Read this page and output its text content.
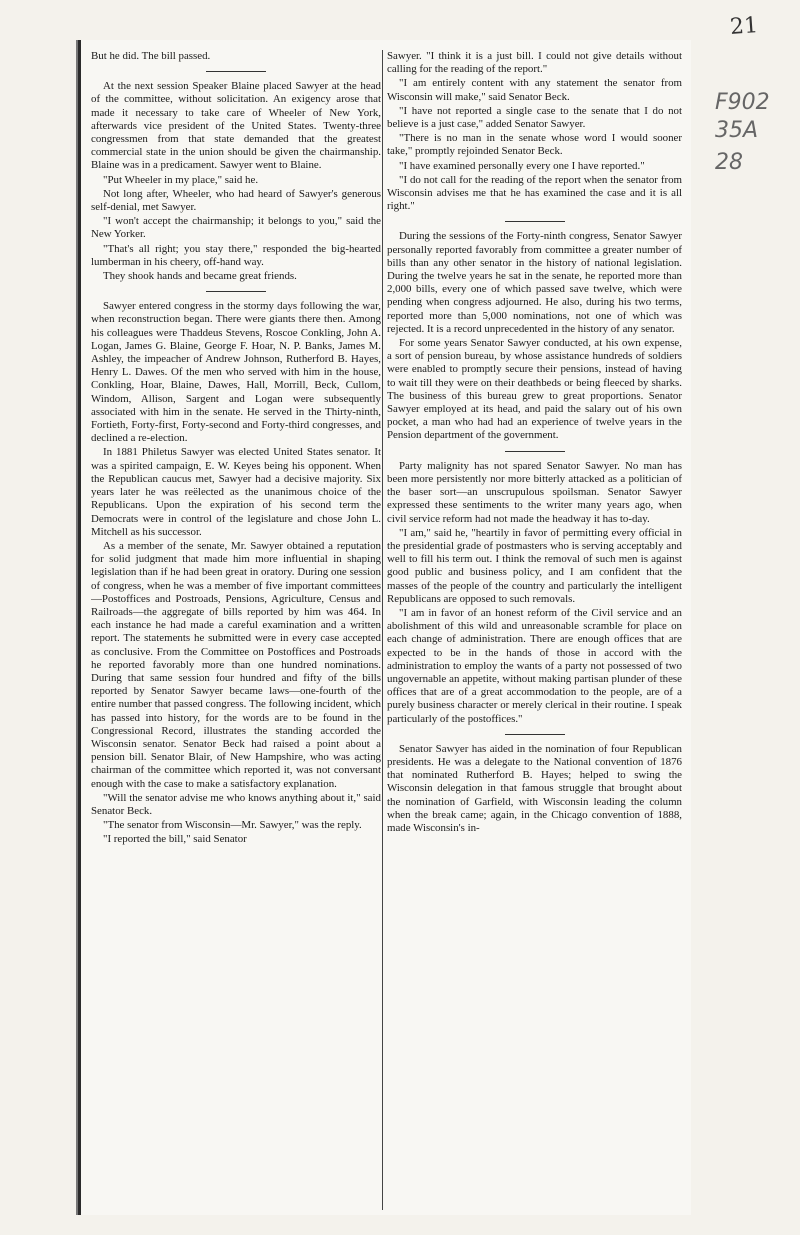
21
F902
35A
28

But he did. The bill passed.

At the next session Speaker Blaine placed Sawyer at the head of the committee, without solicitation. An exigency arose that made it necessary to take care of Wheeler of New York, afterwards vice president of the United States. Twenty-three congressmen from that state demanded that the greatest commercial state in the union should be given the chairmanship. Blaine was in a predicament. Sawyer went to Blaine.

"Put Wheeler in my place," said he.

Not long after, Wheeler, who had heard of Sawyer's generous self-denial, met Sawyer.

"I won't accept the chairmanship; it belongs to you," said the New Yorker.

"That's all right; you stay there," responded the big-hearted lumberman in his cheery, off-hand way.

They shook hands and became great friends.

Sawyer entered congress in the stormy days following the war, when reconstruction began. There were giants there then. Among his colleagues were Thaddeus Stevens, Roscoe Conkling, John A. Logan, James G. Blaine, George F. Hoar, N. P. Banks, James M. Ashley, the impeacher of Andrew Johnson, Rutherford B. Hayes, Henry L. Dawes. Of the men who served with him in the house, Conkling, Hoar, Blaine, Dawes, Hall, Morrill, Beck, Cullom, Windom, Allison, Sargent and Logan were subsequently associated with him in the senate. He served in the Thirty-ninth, Fortieth, Forty-first, Forty-second and Forty-third congresses, and declined a re-election.

In 1881 Philetus Sawyer was elected United States senator. It was a spirited campaign, E. W. Keyes being his opponent. When the Republican caucus met, Sawyer had a decisive majority. Six years later he was reëlected as the unanimous choice of the Republicans. Upon the expiration of his second term the Democrats were in control of the legislature and chose John L. Mitchell as his successor.

As a member of the senate, Mr. Sawyer obtained a reputation for solid judgment that made him more influential in shaping legislation than if he had been great in oratory. During one session of congress, when he was a member of five important committees—Postoffices and Postroads, Pensions, Agriculture, Census and Railroads—the aggregate of bills reported by him was 464. In each instance he had made a careful examination and a written report. The statements he submitted were in every case accepted as conclusive. From the Committee on Postoffices and Postroads he reported favorably more than one hundred nominations. During that same session four hundred and fifty of the bills reported by Senator Sawyer became laws—one-fourth of the entire number that passed congress. The following incident, which has passed into history, for the words are to be found in the Congressional Record, illustrates the standing accorded the Wisconsin senator. Senator Beck had raised a point about a pension bill. Senator Blair, of New Hampshire, who was acting chairman of the committee which reported it, was not conversant enough with the case to make a satisfactory explanation.

"Will the senator advise me who knows anything about it," said Senator Beck.

"The senator from Wisconsin—Mr. Sawyer," was the reply.

"I reported the bill," said Senator

Sawyer. "I think it is a just bill. I could not give details without calling for the reading of the report."

"I am entirely content with any statement the senator from Wisconsin will make," said Senator Beck.

"I have not reported a single case to the senate that I do not believe is a just case," added Senator Sawyer.

"There is no man in the senate whose word I would sooner take," promptly rejoinded Senator Beck.

"I have examined personally every one I have reported."

"I do not call for the reading of the report when the senator from Wisconsin advises me that he has examined the case and it is all right."

During the sessions of the Forty-ninth congress, Senator Sawyer personally reported favorably from committee a greater number of bills than any other senator in the history of national legislation. During the twelve years he sat in the senate, he reported more than 2,000 bills, every one of which passed save twelve, which were pending when congress adjourned. He also, during his two terms, reported more than 5,000 nominations, not one of which was rejected. It is a record unprecedented in the history of any senator.

For some years Senator Sawyer conducted, at his own expense, a sort of pension bureau, by whose assistance hundreds of soldiers were enabled to promptly secure their pensions, instead of having to wait till they were on their deathbeds or being fleeced by sharks. The business of this bureau grew to great proportions. Senator Sawyer employed at its head, and paid the salary out of his own pocket, a man who had had an experience of twelve years in the Pension department of the government.

Party malignity has not spared Senator Sawyer. No man has been more persistently nor more bitterly attacked as a politician of the baser sort—an unscrupulous spoilsman. Senator Sawyer expressed these sentiments to the writer many years ago, when civil service reform had not made the headway it has to-day.

"I am," said he, "heartily in favor of permitting every official in the presidential grade of postmasters who is serving acceptably and well to fill his term out. I think the removal of such men is against good public and business policy, and I am confident that the masses of the people of the country and particularly the intelligent Republicans are opposed to such removals.

"I am in favor of an honest reform of the Civil service and an abolishment of this wild and unreasonable scramble for place on each change of administration. There are enough offices that are expected to be in the hands of those in accord with the administration to employ the wants of a party not possessed of two ungovernable an appetite, without making partisan plunder of these offices that are of a great accommodation to the people, are of a purely business character or merely clerical in their routine. I speak particularly of the postoffices."

Senator Sawyer has aided in the nomination of four Republican presidents. He was a delegate to the National convention of 1876 that nominated Rutherford B. Hayes; helped to swing the Wisconsin delegation in that famous struggle that brought about the nomination of Garfield, with Wisconsin leading the column when the break came; again, in the Chicago convention of 1888, made Wisconsin's in-
